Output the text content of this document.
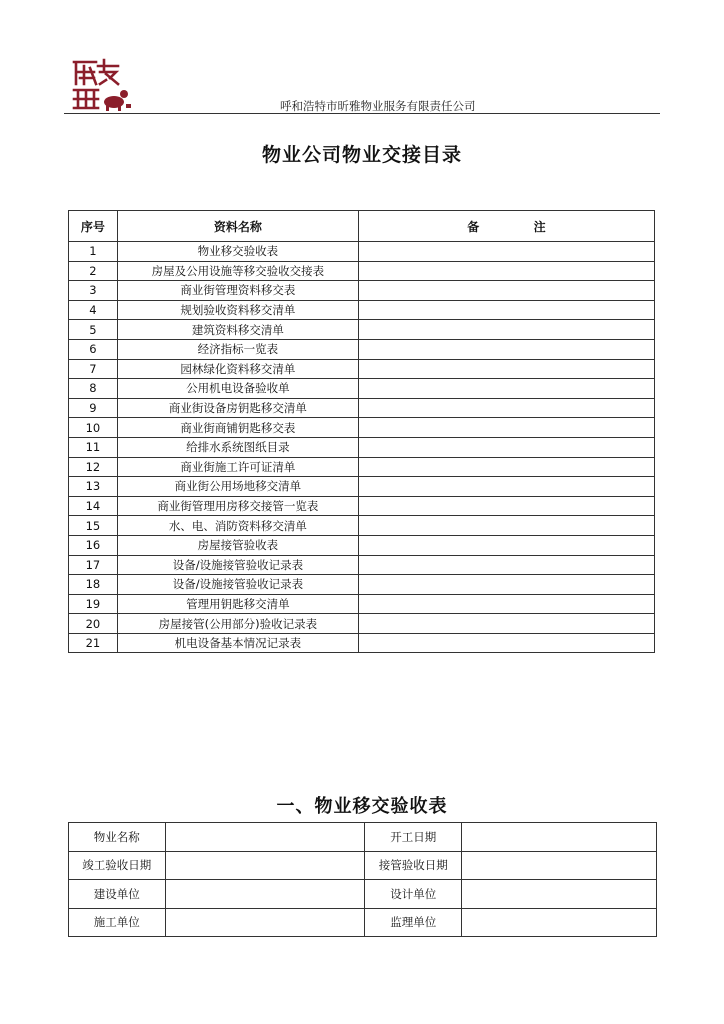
呼和浩特市昕雅物业服务有限责任公司
物业公司物业交接目录
序号	资料名称	备 注
1	物业移交验收表	
2	房屋及公用设施等移交验收交接表	
3	商业街管理资料移交表	
4	规划验收资料移交清单	
5	建筑资料移交清单	
6	经济指标一览表	
7	园林绿化资料移交清单	
8	公用机电设备验收单	
9	商业街设备房钥匙移交清单	
10	商业街商铺钥匙移交表	
11	给排水系统图纸目录	
12	商业街施工许可证清单	
13	商业街公用场地移交清单	
14	商业街管理用房移交接管一览表	
15	水、电、消防资料移交清单	
16	房屋接管验收表	
17	设备/设施接管验收记录表	
18	设备/设施接管验收记录表	
19	管理用钥匙移交清单	
20	房屋接管(公用部分)验收记录表	
21	机电设备基本情况记录表	
一、物业移交验收表
物业名称		开工日期	
竣工验收日期		接管验收日期	
建设单位		设计单位	
施工单位		监理单位	
